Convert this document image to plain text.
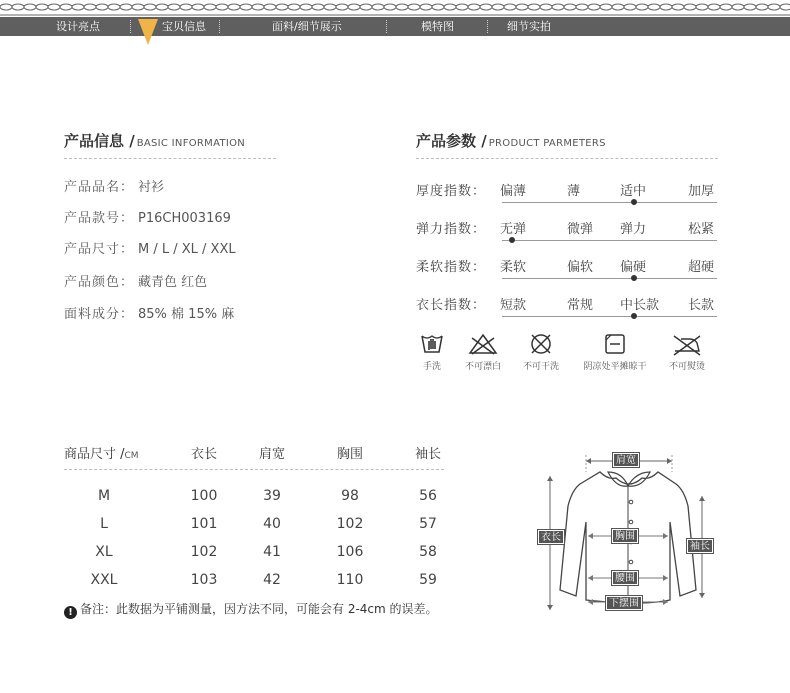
设计亮点	宝贝信息	面料/细节展示	模特图	细节实拍
产品信息 / BASIC INFORMATION
产品品名： 衬衫
产品款号： P16CH003169
产品尺寸： M / L / XL / XXL
产品颜色： 藏青色 红色
面料成分： 85% 棉 15% 麻
产品参数 / PRODUCT PARMETERS
厚度指数： 偏薄	薄	适中	加厚
弹力指数： 无弹	微弹 弹力	松紧
柔软指数： 柔软	偏软 偏硬	超硬
衣长指数： 短款	常规 中长款 长款
手洗	不可漂白	不可干洗	阴凉处平摊晾干	不可熨烫
商品尺寸 /CM	衣长	肩宽	胸围	袖长
M	100	39	98	56
L	101	40	102	57
XL	102	41	106	58
XXL	103	42	110	59
! 备注：此数据为平铺测量，因方法不同，可能会有 2-4cm 的误差。
肩宽
衣长	胸围
袖长
腰围
下摆围
